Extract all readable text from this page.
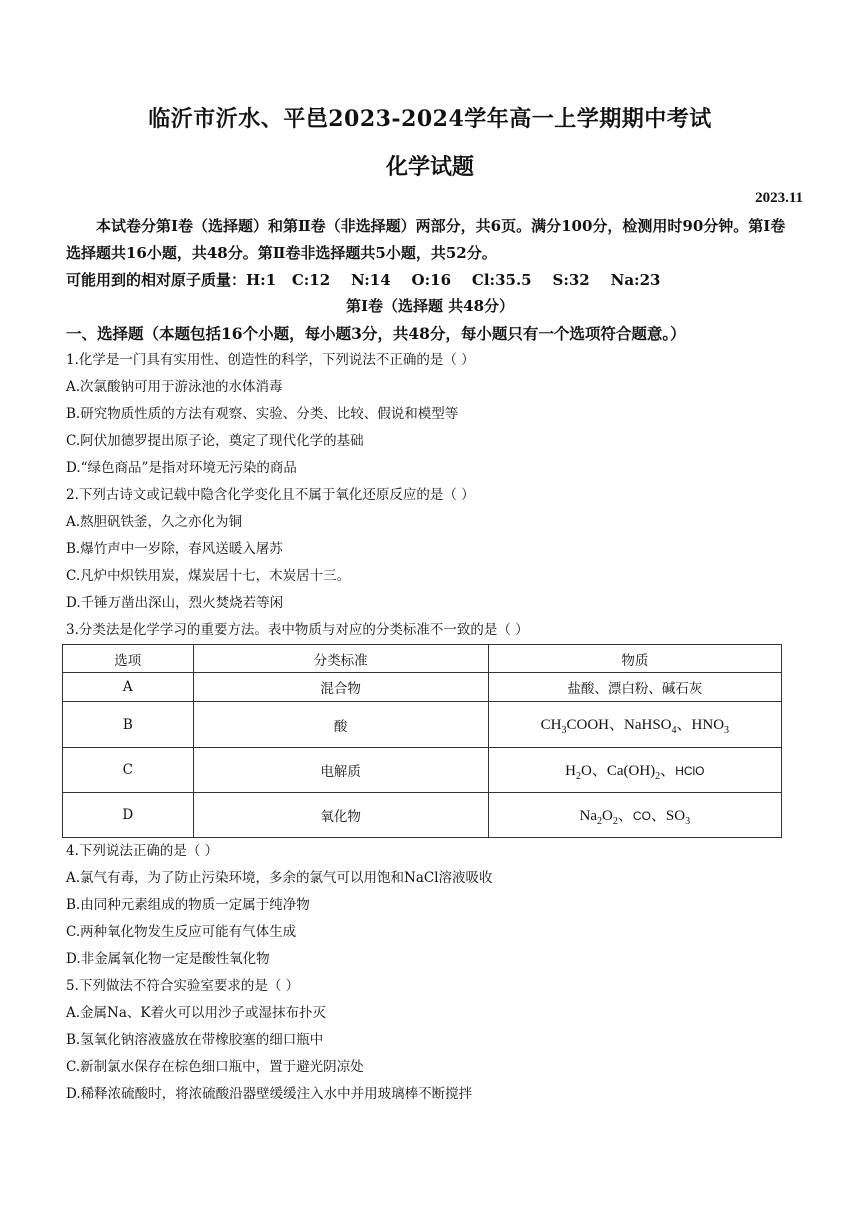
临沂市沂水、平邑2023-2024学年高一上学期期中考试
化学试题
2023.11
本试卷分第Ⅰ卷（选择题）和第Ⅱ卷（非选择题）两部分，共6页。满分100分，检测用时90分钟。第Ⅰ卷选择题共16小题，共48分。第Ⅱ卷非选择题共5小题，共52分。
可能用到的相对原子质量：H:1   C:12    N:14    O:16    Cl:35.5    S:32    Na:23
第Ⅰ卷（选择题 共48分）
一、选择题（本题包括16个小题，每小题3分，共48分，每小题只有一个选项符合题意。）
1.化学是一门具有实用性、创造性的科学，下列说法不正确的是（ ）
A.次氯酸钠可用于游泳池的水体消毒
B.研究物质性质的方法有观察、实验、分类、比较、假说和模型等
C.阿伏加德罗提出原子论，奠定了现代化学的基础
D.“绿色商品”是指对环境无污染的商品
2.下列古诗文或记载中隐含化学变化且不属于氧化还原反应的是（ ）
A.熬胆矾铁釜，久之亦化为铜
B.爆竹声中一岁除，春风送暖入屠苏
C.凡炉中炽铁用炭，煤炭居十七，木炭居十三。
D.千锤万凿出深山，烈火焚烧若等闲
3.分类法是化学学习的重要方法。表中物质与对应的分类标准不一致的是（ ）
选项	分类标准	物质
A	混合物	盐酸、漂白粉、碱石灰
B	酸	$CH_3COOH$、NaHSO$_4$、$HNO_3$
C	电解质	$H_2O$、$Ca(OH)_2$、HClO
D	氧化物	$Na_2O_2$、CO、$SO_3$
4.下列说法正确的是（ ）
A.氯气有毒，为了防止污染环境，多余的氯气可以用饱和NaCl溶液吸收
B.由同种元素组成的物质一定属于纯净物
C.两种氧化物发生反应可能有气体生成
D.非金属氧化物一定是酸性氧化物
5.下列做法不符合实验室要求的是（ ）
A.金属Na、K着火可以用沙子或湿抹布扑灭
B.氢氧化钠溶液盛放在带橡胶塞的细口瓶中
C.新制氯水保存在棕色细口瓶中，置于避光阴凉处
D.稀释浓硫酸时，将浓硫酸沿器壁缓缓注入水中并用玻璃棒不断搅拌
